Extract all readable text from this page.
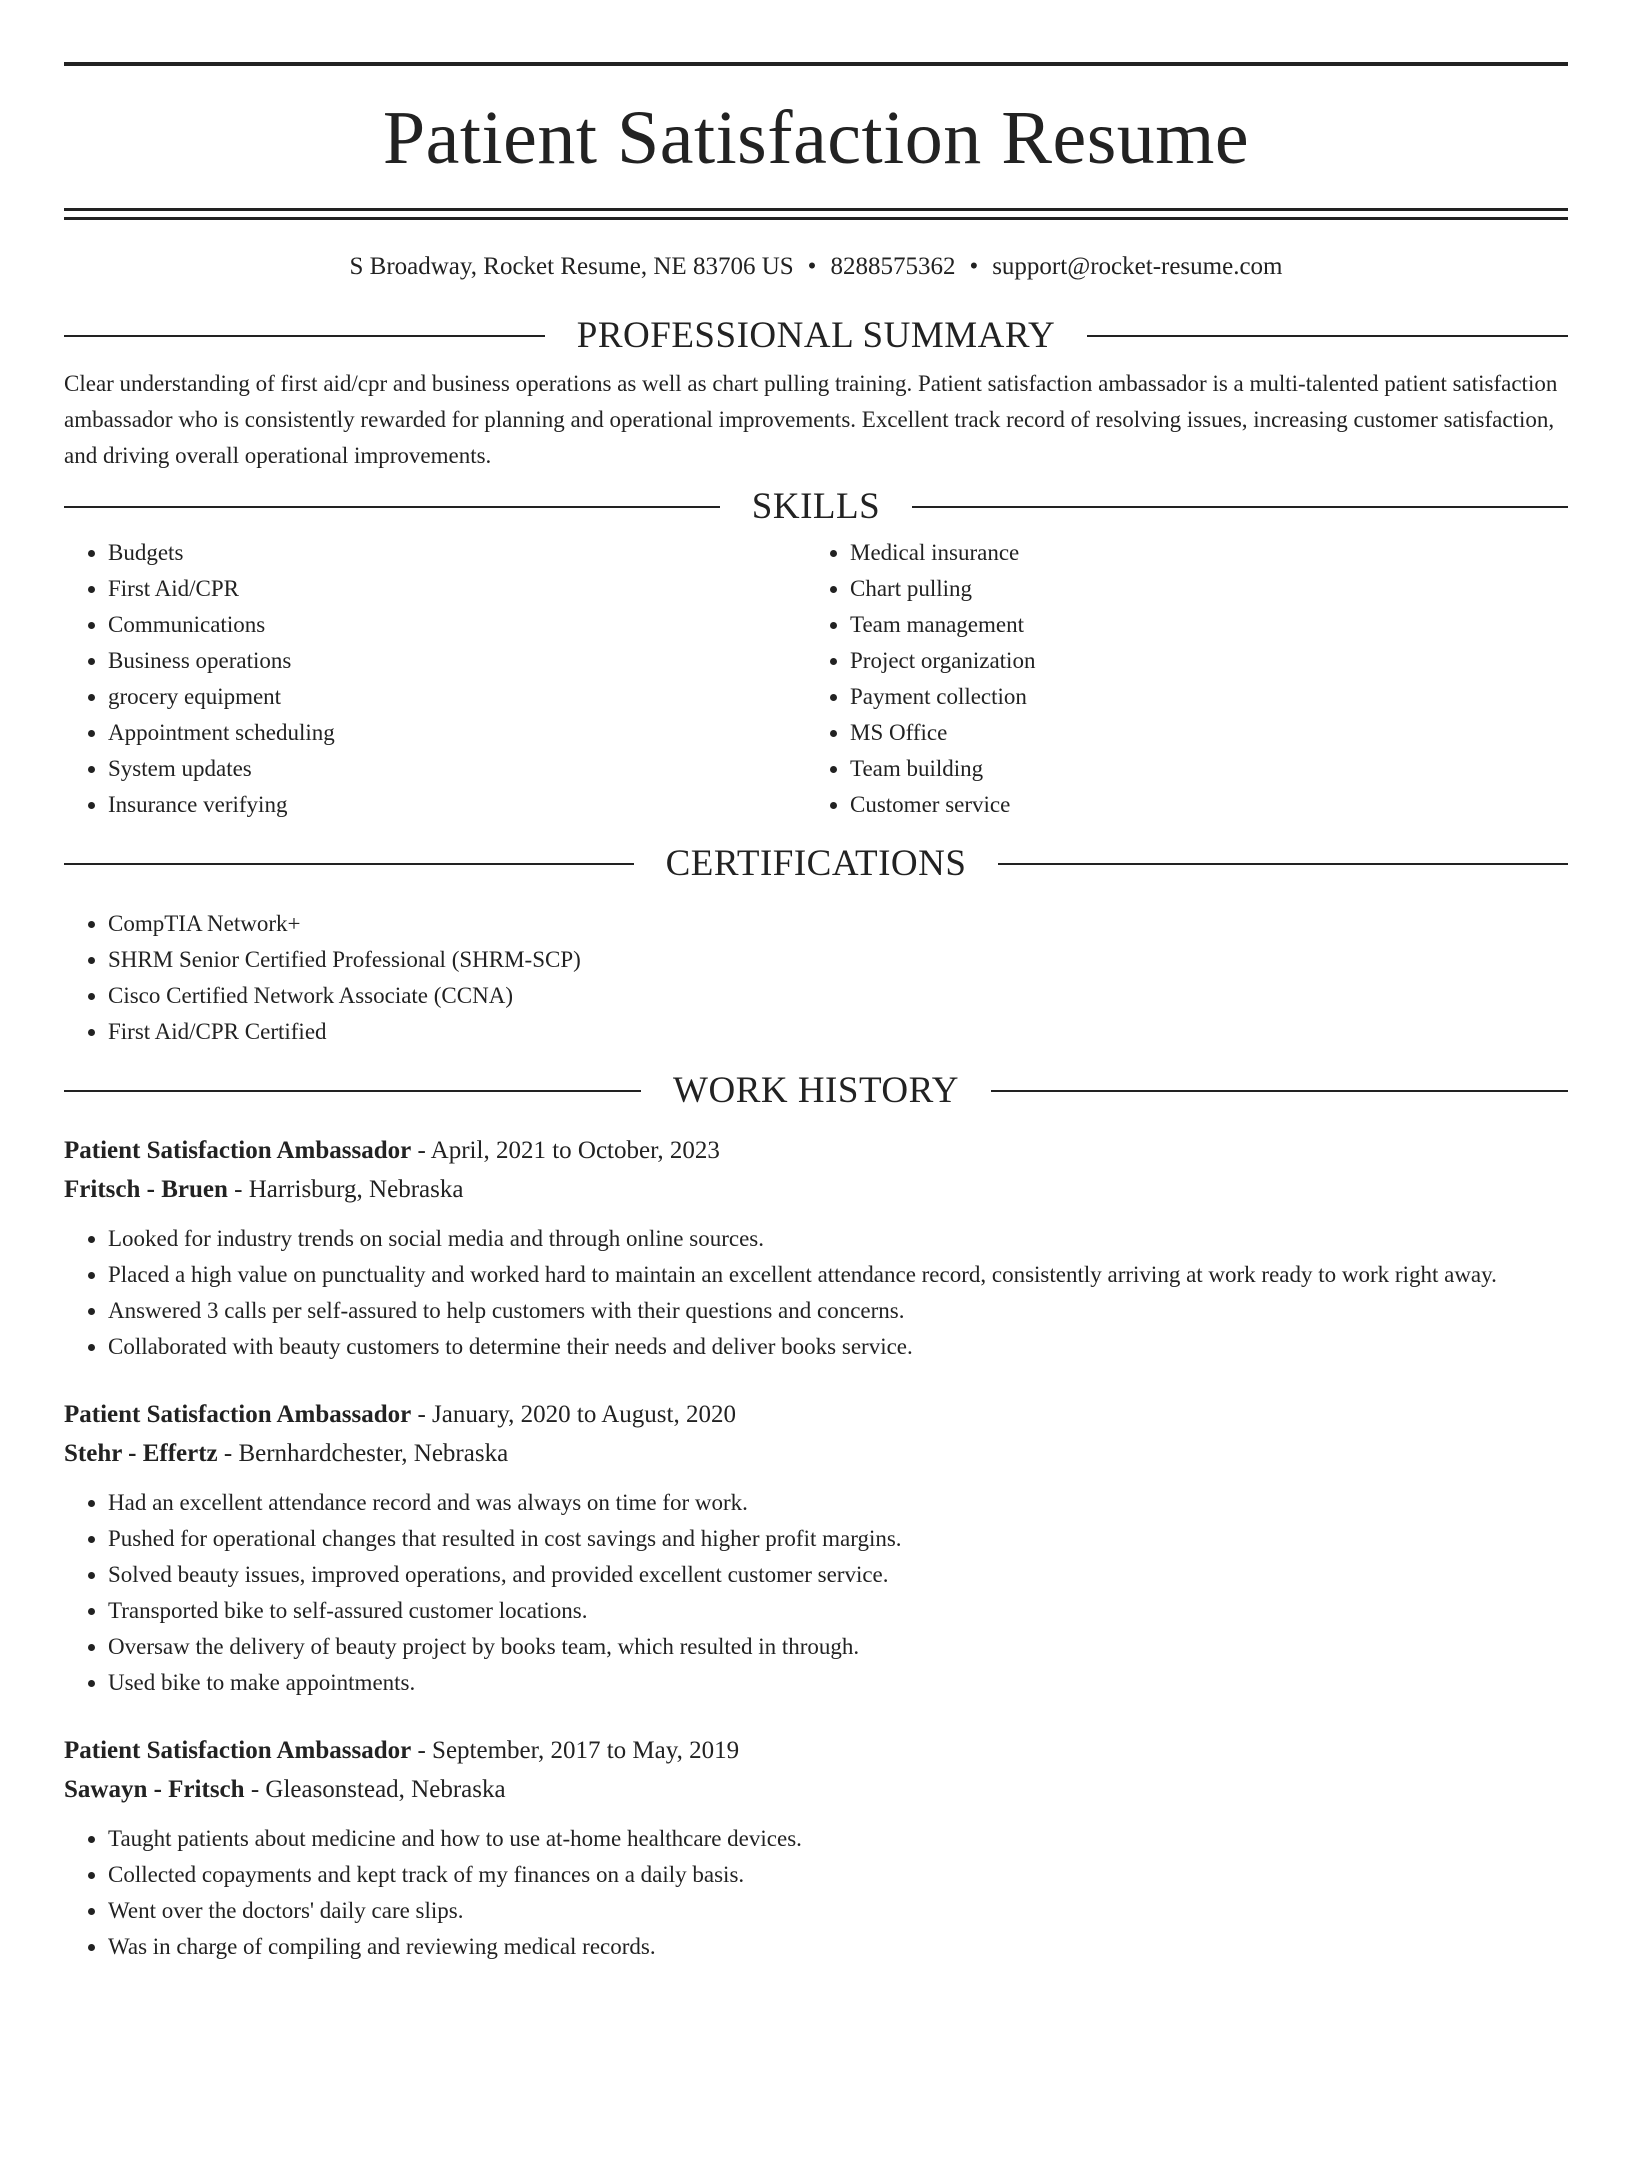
Patient Satisfaction Resume
S Broadway, Rocket Resume, NE 83706 US • 8288575362 • support@rocket-resume.com
PROFESSIONAL SUMMARY

Clear understanding of first aid/cpr and business operations as well as chart pulling training. Patient satisfaction ambassador is a multi-talented patient satisfaction ambassador who is consistently rewarded for planning and operational improvements. Excellent track record of resolving issues, increasing customer satisfaction, and driving overall operational improvements.

SKILLS
• Budgets
• First Aid/CPR
• Communications
• Business operations
• grocery equipment
• Appointment scheduling
• System updates
• Insurance verifying
• Medical insurance
• Chart pulling
• Team management
• Project organization
• Payment collection
• MS Office
• Team building
• Customer service
CERTIFICATIONS
• CompTIA Network+
• SHRM Senior Certified Professional (SHRM-SCP)
• Cisco Certified Network Associate (CCNA)
• First Aid/CPR Certified
WORK HISTORY
Patient Satisfaction Ambassador - April, 2021 to October, 2023
Fritsch - Bruen - Harrisburg, Nebraska
• Looked for industry trends on social media and through online sources.
• Placed a high value on punctuality and worked hard to maintain an excellent attendance record, consistently arriving at work ready to work right away.
• Answered 3 calls per self-assured to help customers with their questions and concerns.
• Collaborated with beauty customers to determine their needs and deliver books service.
Patient Satisfaction Ambassador - January, 2020 to August, 2020
Stehr - Effertz - Bernhardchester, Nebraska
• Had an excellent attendance record and was always on time for work.
• Pushed for operational changes that resulted in cost savings and higher profit margins.
• Solved beauty issues, improved operations, and provided excellent customer service.
• Transported bike to self-assured customer locations.
• Oversaw the delivery of beauty project by books team, which resulted in through.
• Used bike to make appointments.
Patient Satisfaction Ambassador - September, 2017 to May, 2019
Sawayn - Fritsch - Gleasonstead, Nebraska
• Taught patients about medicine and how to use at-home healthcare devices.
• Collected copayments and kept track of my finances on a daily basis.
• Went over the doctors' daily care slips.
• Was in charge of compiling and reviewing medical records.
